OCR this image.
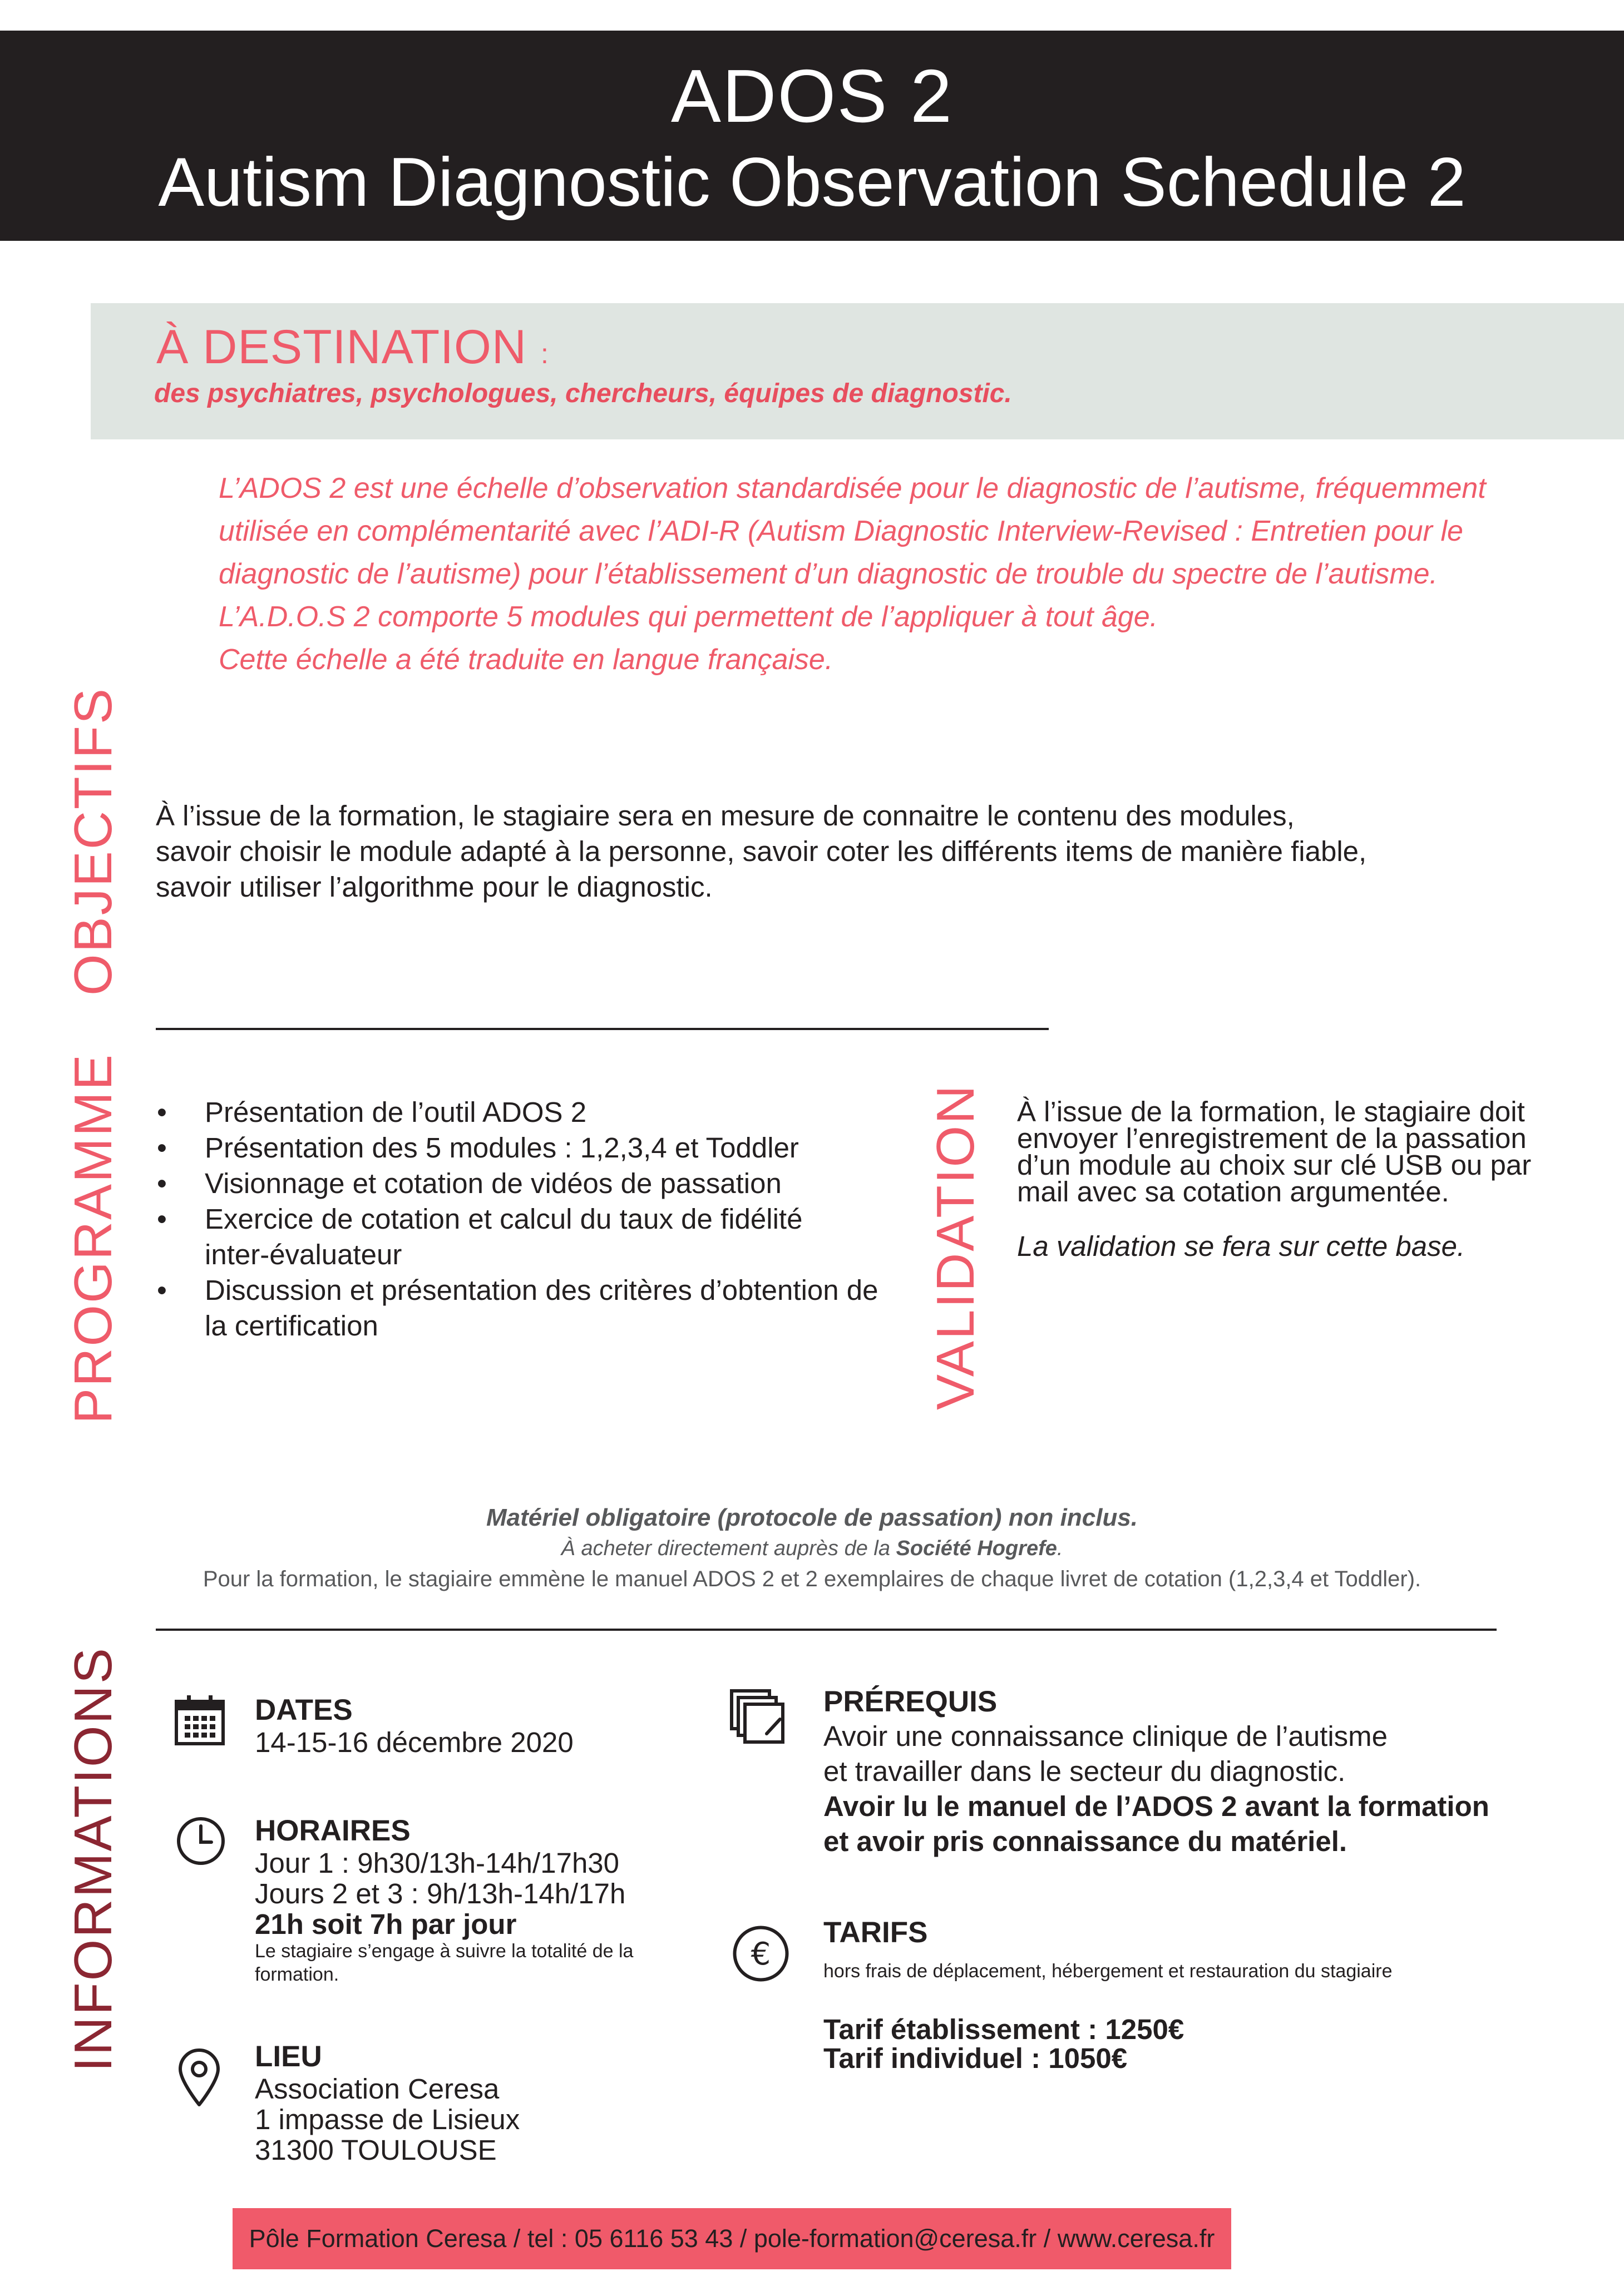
ADOS 2
Autism Diagnostic Observation Schedule 2
À DESTINATION :
des psychiatres, psychologues, chercheurs, équipes de diagnostic.

L’ADOS 2 est une échelle d’observation standardisée pour le diagnostic de l’autisme, fréquemment

utilisée en complémentarité avec l’ADI-R (Autism Diagnostic Interview-Revised : Entretien pour le

diagnostic de l’autisme) pour l’établissement d’un diagnostic de trouble du spectre de l’autisme.

L’A.D.O.S 2 comporte 5 modules qui permettent de l’appliquer à tout âge.

Cette échelle a été traduite en langue française.

OBJECTIFS À l’issue de la formation, le stagiaire sera en mesure de connaitre le contenu des modules,

savoir choisir le module adapté à la personne, savoir coter les différents items de manière fiable,

savoir utiliser l’algorithme pour le diagnostic.

PROGRAMME • Présentation de l’outil ADOS 2
• Présentation des 5 modules : 1,2,3,4 et Toddler
• Visionnage et cotation de vidéos de passation
• Exercice de cotation et calcul du taux de fidélité inter-évaluateur
• Discussion et présentation des critères d’obtention de la certification	VALIDATION À l’issue de la formation, le stagiaire doit envoyer l’enregistrement de la passation d’un module au choix sur clé USB ou par mail avec sa cotation argumentée.

La validation se fera sur cette base.

Matériel obligatoire (protocole de passation) non inclus.
À acheter directement auprès de la Société Hogrefe.
Pour la formation, le stagiaire emmène le manuel ADOS 2 et 2 exemplaires de chaque livret de cotation (1,2,3,4 et Toddler).
INFORMATIONS	DATES
14-15-16 décembre 2020
HORAIRES
Jour 1 : 9h30/13h-14h/17h30
Jours 2 et 3 : 9h/13h-14h/17h
21h soit 7h par jour
Le stagiaire s’engage à suivre la totalité de la
formation.
LIEU
Association Ceresa
1 impasse de Lisieux
31300 TOULOUSE
PRÉREQUIS
Avoir une connaissance clinique de l’autisme
et travailler dans le secteur du diagnostic.
Avoir lu le manuel de l’ADOS 2 avant la formation
et avoir pris connaissance du matériel.
€
TARIFS
hors frais de déplacement, hébergement et restauration du stagiaire
Tarif établissement : 1250€
Tarif individuel : 1050€
Pôle Formation Ceresa / tel : 05 6116 53 43 / pole-formation@ceresa.fr / www.ceresa.fr
